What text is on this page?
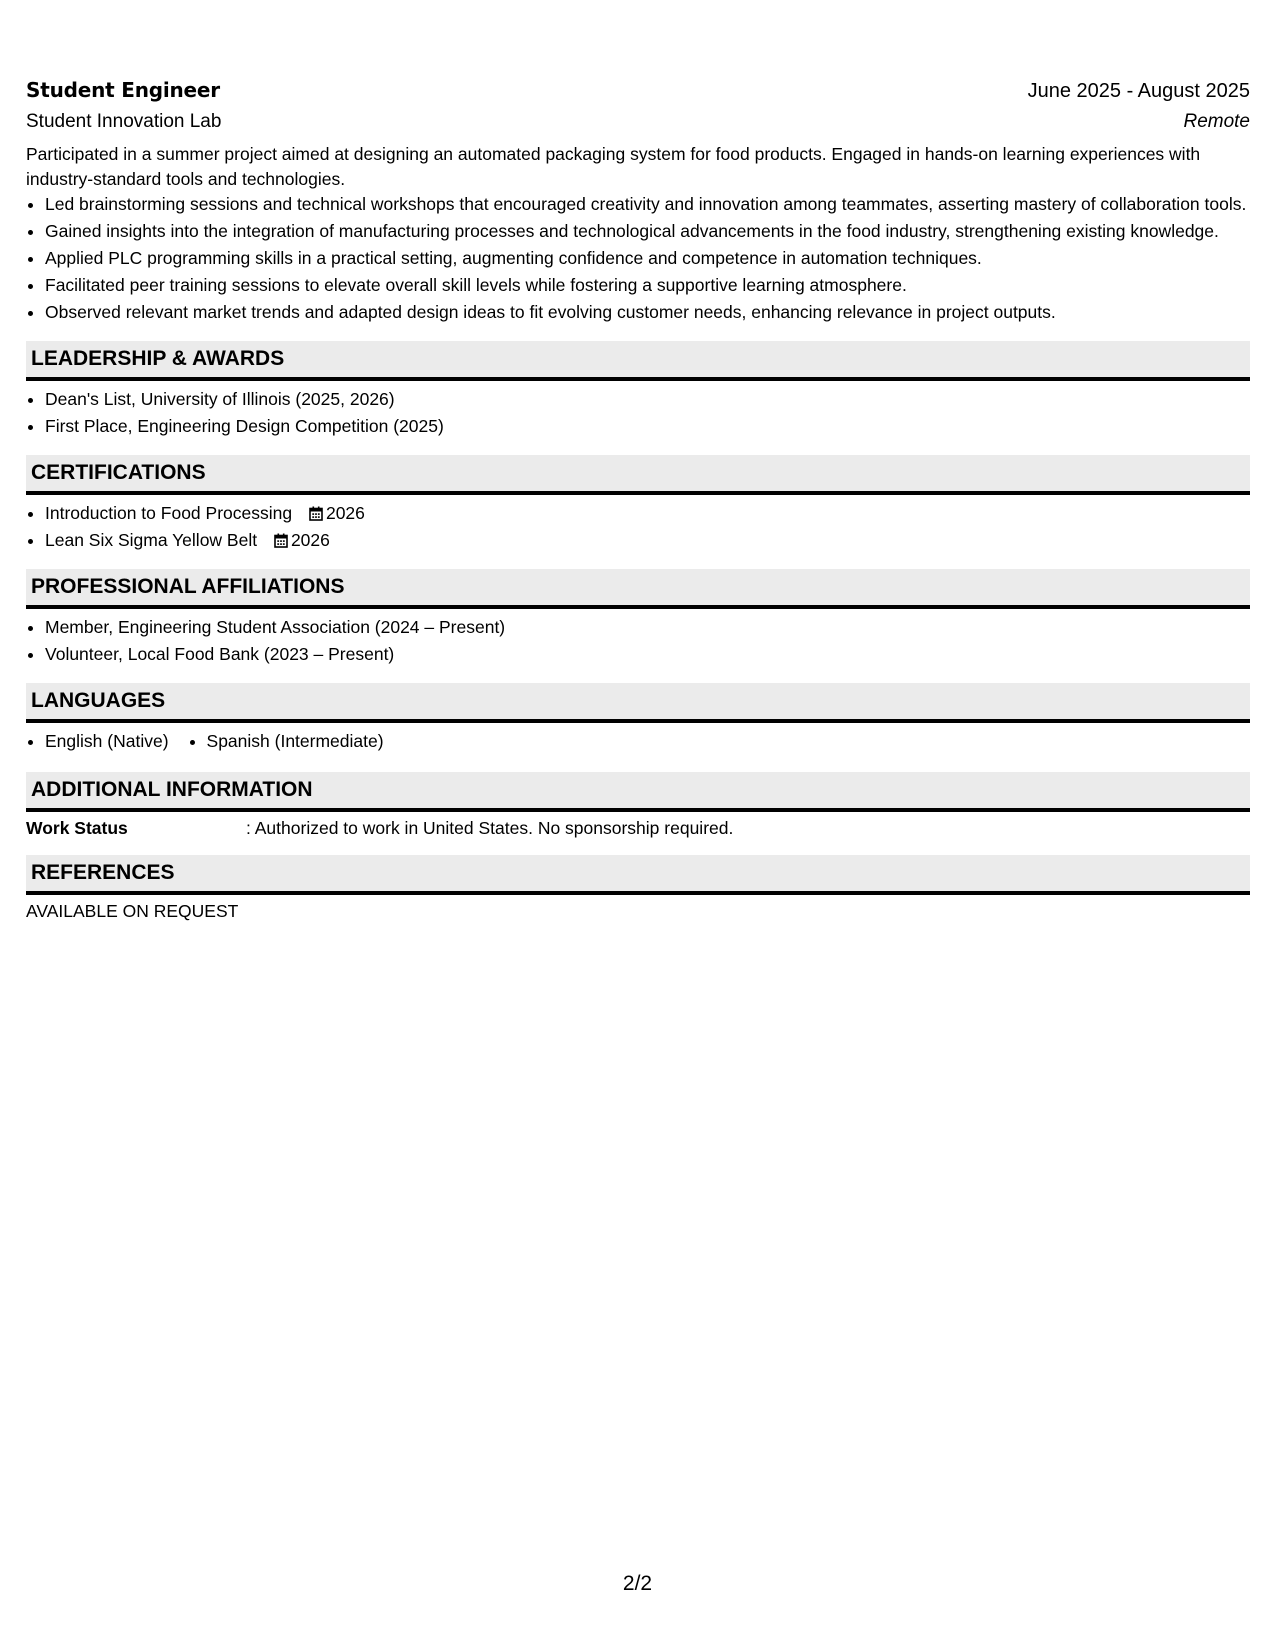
Student Engineer	June 2025 - August 2025
Student Innovation Lab	Remote
Participated in a summer project aimed at designing an automated packaging system for food products. Engaged in hands-on learning experiences with industry-standard tools and technologies.
• Led brainstorming sessions and technical workshops that encouraged creativity and innovation among teammates, asserting mastery of collaboration tools.
• Gained insights into the integration of manufacturing processes and technological advancements in the food industry, strengthening existing knowledge.
• Applied PLC programming skills in a practical setting, augmenting confidence and competence in automation techniques.
• Facilitated peer training sessions to elevate overall skill levels while fostering a supportive learning atmosphere.
• Observed relevant market trends and adapted design ideas to fit evolving customer needs, enhancing relevance in project outputs.
LEADERSHIP & AWARDS
• Dean's List, University of Illinois (2025, 2026)
• First Place, Engineering Design Competition (2025)
CERTIFICATIONS
• Introduction to Food Processing 2026
• Lean Six Sigma Yellow Belt 2026
PROFESSIONAL AFFILIATIONS
• Member, Engineering Student Association (2024 – Present)
• Volunteer, Local Food Bank (2023 – Present)
LANGUAGES
• English (Native)
• Spanish (Intermediate)
ADDITIONAL INFORMATION
Work Status	: Authorized to work in United States. No sponsorship required.
REFERENCES
AVAILABLE ON REQUEST
2/2
